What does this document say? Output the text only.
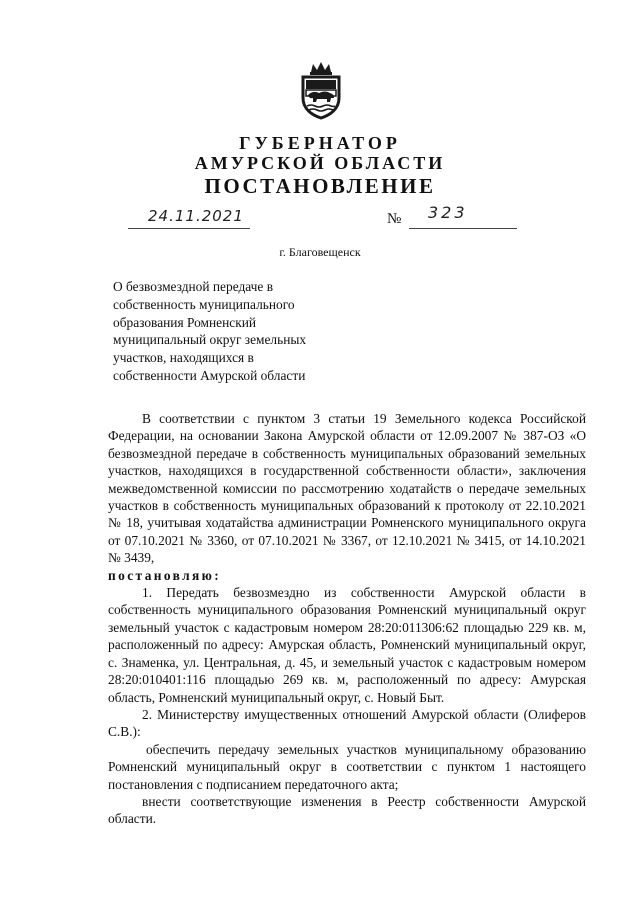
ГУБЕРНАТОР
АМУРСКОЙ ОБЛАСТИ
ПОСТАНОВЛЕНИЕ
24.11.2021	№ 323
г. Благовещенск
О безвозмездной передаче в
собственность муниципального
образования Ромненский
муниципальный округ земельных
участков, находящихся в
собственности Амурской области

В соответствии с пунктом 3 статьи 19 Земельного кодекса Российской Федерации, на основании Закона Амурской области от 12.09.2007 № 387-ОЗ «О безвозмездной передаче в собственность муниципальных образований земельных участков, находящихся в государственной собственности области», заключения межведомственной комиссии по рассмотрению ходатайств о передаче земельных участков в собственность муниципальных образований к протоколу от 22.10.2021 № 18, учитывая ходатайства администрации Ромненского муниципального округа от 07.10.2021 № 3360, от 07.10.2021 № 3367, от 12.10.2021 № 3415, от 14.10.2021 № 3439,

постановляю:

1. Передать безвозмездно из собственности Амурской области в собственность муниципального образования Ромненский муниципальный округ земельный участок с кадастровым номером 28:20:011306:62 площадью 229 кв. м, расположенный по адресу: Амурская область, Ромненский муниципальный округ, с. Знаменка, ул. Центральная, д. 45, и земельный участок с кадастровым номером 28:20:010401:116 площадью 269 кв. м, расположенный по адресу: Амурская область, Ромненский муниципальный округ, с. Новый Быт.

2. Министерству имущественных отношений Амурской области (Олиферов С.В.):

обеспечить передачу земельных участков муниципальному образованию Ромненский муниципальный округ в соответствии с пунктом 1 настоящего постановления с подписанием передаточного акта;

внести соответствующие изменения в Реестр собственности Амурской области.
